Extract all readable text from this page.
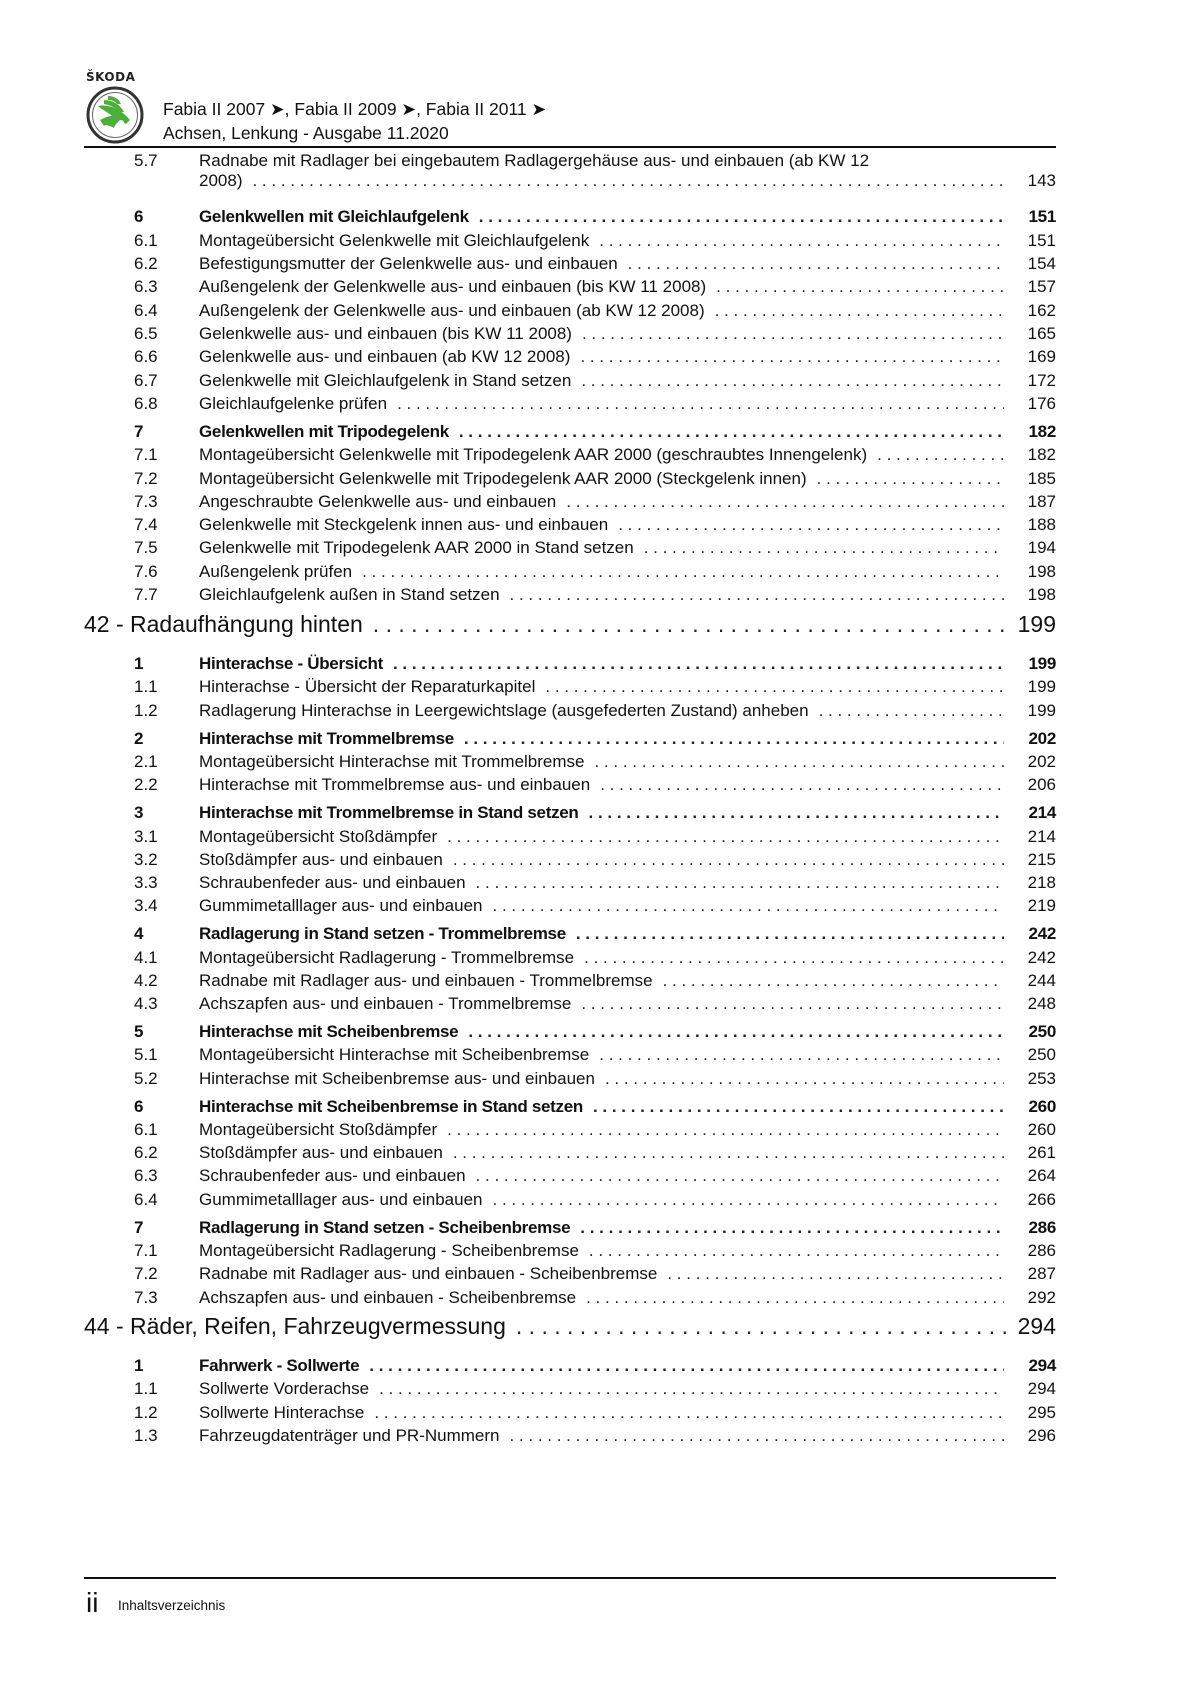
ŠKODA
Fabia II 2007 ➤, Fabia II 2009 ➤, Fabia II 2011 ➤
Achsen, Lenkung - Ausgabe 11.2020
5.7 Radnabe mit Radlager bei eingebautem Radlagergehäuse aus- und einbauen (ab KW 12
2008) . . .	143
6	Gelenkwellen mit Gleichlaufgelenk . . .	151
6.1 Montageübersicht Gelenkwelle mit Gleichlaufgelenk . . .	151
6.2 Befestigungsmutter der Gelenkwelle aus- und einbauen . . .	154
6.3 Außengelenk der Gelenkwelle aus- und einbauen (bis KW 11 2008) . . .	157
6.4 Außengelenk der Gelenkwelle aus- und einbauen (ab KW 12 2008) . . .	162
6.5 Gelenkwelle aus- und einbauen (bis KW 11 2008) . . .	165
6.6 Gelenkwelle aus- und einbauen (ab KW 12 2008) . . .	169
6.7 Gelenkwelle mit Gleichlaufgelenk in Stand setzen . . .	172
6.8 Gleichlaufgelenke prüfen . . .	176
7	Gelenkwellen mit Tripodegelenk . . .	182
7.1 Montageübersicht Gelenkwelle mit Tripodegelenk AAR 2000 (geschraubtes Innengelenk) . . .	182
7.2 Montageübersicht Gelenkwelle mit Tripodegelenk AAR 2000 (Steckgelenk innen) . . .	185
7.3 Angeschraubte Gelenkwelle aus- und einbauen . . .	187
7.4 Gelenkwelle mit Steckgelenk innen aus- und einbauen . . .	188
7.5 Gelenkwelle mit Tripodegelenk AAR 2000 in Stand setzen . . .	194
7.6 Außengelenk prüfen . . .	198
7.7 Gleichlaufgelenk außen in Stand setzen . . .	198
42 - Radaufhängung hinten . . .	199
1	Hinterachse - Übersicht . . .	199
1.1 Hinterachse - Übersicht der Reparaturkapitel . . .	199
1.2 Radlagerung Hinterachse in Leergewichtslage (ausgefederten Zustand) anheben . . .	199
2	Hinterachse mit Trommelbremse . . .	202
2.1 Montageübersicht Hinterachse mit Trommelbremse . . .	202
2.2 Hinterachse mit Trommelbremse aus- und einbauen . . .	206
3	Hinterachse mit Trommelbremse in Stand setzen . . .	214
3.1 Montageübersicht Stoßdämpfer . . .	214
3.2 Stoßdämpfer aus- und einbauen . . .	215
3.3 Schraubenfeder aus- und einbauen . . .	218
3.4 Gummimetalllager aus- und einbauen . . .	219
4	Radlagerung in Stand setzen - Trommelbremse . . .	242
4.1 Montageübersicht Radlagerung - Trommelbremse . . .	242
4.2 Radnabe mit Radlager aus- und einbauen - Trommelbremse . . .	244
4.3 Achszapfen aus- und einbauen - Trommelbremse . . .	248
5	Hinterachse mit Scheibenbremse . . .	250
5.1 Montageübersicht Hinterachse mit Scheibenbremse . . .	250
5.2 Hinterachse mit Scheibenbremse aus- und einbauen . . .	253
6	Hinterachse mit Scheibenbremse in Stand setzen . . .	260
6.1 Montageübersicht Stoßdämpfer . . .	260
6.2 Stoßdämpfer aus- und einbauen . . .	261
6.3 Schraubenfeder aus- und einbauen . . .	264
6.4 Gummimetalllager aus- und einbauen . . .	266
7	Radlagerung in Stand setzen - Scheibenbremse . . .	286
7.1 Montageübersicht Radlagerung - Scheibenbremse . . .	286
7.2 Radnabe mit Radlager aus- und einbauen - Scheibenbremse . . .	287
7.3 Achszapfen aus- und einbauen - Scheibenbremse . . .	292
44 - Räder, Reifen, Fahrzeugvermessung . . .	294
1	Fahrwerk - Sollwerte . . .	294
1.1 Sollwerte Vorderachse . . .	294
1.2 Sollwerte Hinterachse . . .	295
1.3 Fahrzeugdatenträger und PR-Nummern . . .	296
ii Inhaltsverzeichnis
